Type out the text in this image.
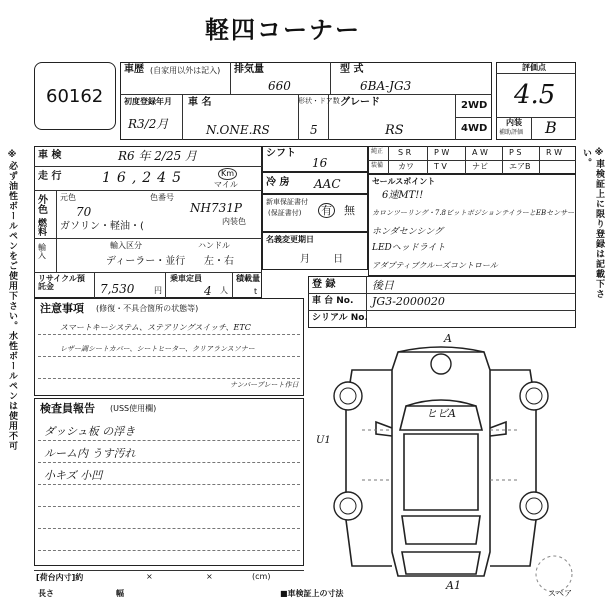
軽四コーナー
※必ず油性ボールペンをご使用下さい。水性ボールペンは使用不可	※車検証上に限り登録は記載下さい。
60162
車歴 (自家用以外は記入) 排気量
660
型 式
6BA-JG3
初度登録年月
R3/2月
車 名
N.ONE.RS
形状・ドア数
5
グレード
RS
2WD
4WD
評価点
4.5
内装
補助評価 B
車 検	R6 年 2/25 月
走 行	16,245	Km
マイル
外 色
元色
70
色番号
NH731P
燃 料
ガソリン・軽油・(	内装色
輸入
輸入区分	ハンドル
ディーラー・並行 左・右
リサイクル預託金	7,530 円
乗車定員
4 人
積載量
t
シフト
16
冷 房 AAC
新車保証書付
(保証書付) 有 無
名義変更期日
月 日
純正 S R	P W	A W	P S	R W
装備 カワ	T V	ナビ	エアB
セールスポイント
6速MT!!
カロンツーリング・7.8ビットポジションテイラーとEBセンサー
ホンダセンシング
LEDヘッドライト
アダプティブクルーズコントロール
登 録	後日
車 台 No. JG3-2000020
シリアル No.
注意事項 (修復・不具合箇所の状態等)
スマートキーシステム、ステアリングスイッチ、ETC
レザー調シートカバー、シートヒーター、クリアランスソナー
ナンバープレート作日
検査員報告 (USS使用欄)
ダッシュ板 の浮き
ルーム内 うす汚れ
小キズ 小凹
A
ヒビA
U1
A1
スペア
[荷台内寸]約	×	×	(cm)
長さ	幅	■車検証上の寸法
